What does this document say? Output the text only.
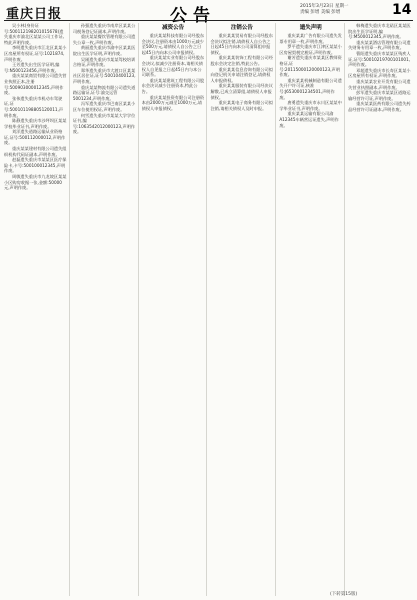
重庆日报	公告	2015年3月23日 星期一
责编 彭增 美编 彭增	14

吴小林(身份证号:500112198201015678)遗失重庆市渝北区某某公司工作证,特此声明作废。

李明遗失重庆市江北区某某小区房屋所有权证,证号:1021874,声明作废。

王芳遗失出生医学证明,编号:N500123456,声明作废。

重庆某某商贸有限公司遗失营业执照正本,注册号:500903000012345,声明作废。

张伟遗失重庆市机动车驾驶证,证号:500101198805120011,声明作废。

陈静遗失重庆市沙坪坝区某某学校毕业证书,声明作废。

刘洋遗失道路运输从业资格证,证号:500112000012,声明作废。

重庆某某建材有限公司遗失组织机构代码证副本,声明作废。

赵磊遗失重庆市某某区医疗保险卡,卡号:500100012345,声明作废。

周敏遗失重庆市九龙坡区某某小区购房收据一张,金额:50000元,声明作废。

孙强遗失重庆市南岸区某某公司税务登记证副本,声明作废。

重庆某某餐饮管理有限公司遗失公章一枚,声明作废。

黄丽遗失重庆市渝中区某某医院出生医学证明,声明作废。

吴刚遗失重庆市某某驾校培训合格证,声明作废。

郑华遗失重庆市大渡口区某某社区居住证,证号:50010400123,声明作废。

重庆某某物流有限公司遗失道路运输证,证号:渝交运管5001234,声明作废。

冯军遗失重庆市巴南区某某小区车位使用权证,声明作废。

何雪遗失重庆市某某大学学位证书,编号:1063542012000123,声明作废。

减资公告

重庆某某科技有限公司经股东会决议,注册资本由1000万元减少至500万元,请债权人自公告之日起45日内向本公司申报债权。

重庆某某实业有限公司经股东会决议,拟减少注册资本,请相关债权人自见报之日起45日内与本公司联系。

重庆某某建筑工程有限公司股东会决议减少注册资本,特此公告。

重庆某某投资有限公司注册资本由2000万元减至1000万元,请债权人申报债权。

注销公告

重庆某某贸易有限公司经股东会决议拟注销,请债权人自公告之日起45日内向本公司清算组申报债权。

重庆某某装饰工程有限公司经股东会决定注销,特此公告。

重庆某某信息咨询有限公司拟向登记机关申请注销登记,请债权人申报债权。

重庆某某服装有限公司经决议解散,已成立清算组,请债权人申报债权。

重庆某某电子商务有限公司拟注销,请相关债权人及时申报。

遗失声明

重庆某某广告有限公司遗失发票专用章一枚,声明作废。

罗平遗失重庆市江津区某某小区房屋契税完税证,声明作废。

谢芳遗失重庆市某某区教师资格证,证号:20115000120000123,声明作废。

重庆某某机械制造有限公司遗失开户许可证,核准号:J6530001234501,声明作废。

唐勇遗失重庆市永川区某某中学毕业证书,声明作废。

重庆某某运输有限公司渝A12345车辆营运证遗失,声明作废。

韩梅遗失重庆市北碚区某某医院出生医学证明,编号:M500012345,声明作废。

重庆某某酒店管理有限公司遗失财务专用章一枚,声明作废。

曹阳遗失重庆市某某区残疾人证,证号:50010219700101001,声明作废。

邓超遗失重庆市长寿区某某小区房屋所有权证,声明作废。

重庆某某农业开发有限公司遗失营业执照副本,声明作废。

彭军遗失重庆市某某区道路运输经营许可证,声明作废。

重庆某某医药有限公司遗失药品经营许可证副本,声明作废。

(下转第15版)
